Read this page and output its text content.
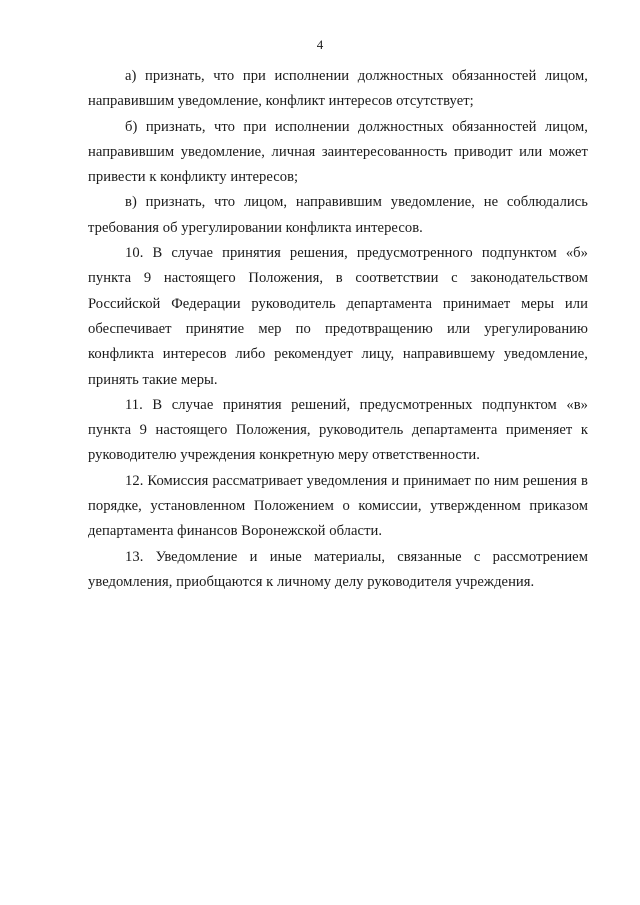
4

а) признать, что при исполнении должностных обязанностей лицом, направившим уведомление, конфликт интересов отсутствует;

б) признать, что при исполнении должностных обязанностей лицом, направившим уведомление, личная заинтересованность приводит или может привести к конфликту интересов;

в) признать, что лицом, направившим уведомление, не соблюдались требования об урегулировании конфликта интересов.

10. В случае принятия решения, предусмотренного подпунктом «б» пункта 9 настоящего Положения, в соответствии с законодательством Российской Федерации руководитель департамента принимает меры или обеспечивает принятие мер по предотвращению или урегулированию конфликта интересов либо рекомендует лицу, направившему уведомление, принять такие меры.

11. В случае принятия решений, предусмотренных подпунктом «в» пункта 9 настоящего Положения, руководитель департамента применяет к руководителю учреждения конкретную меру ответственности.

12. Комиссия рассматривает уведомления и принимает по ним решения в порядке, установленном Положением о комиссии, утвержденном приказом департамента финансов Воронежской области.

13. Уведомление и иные материалы, связанные с рассмотрением уведомления, приобщаются к личному делу руководителя учреждения.
